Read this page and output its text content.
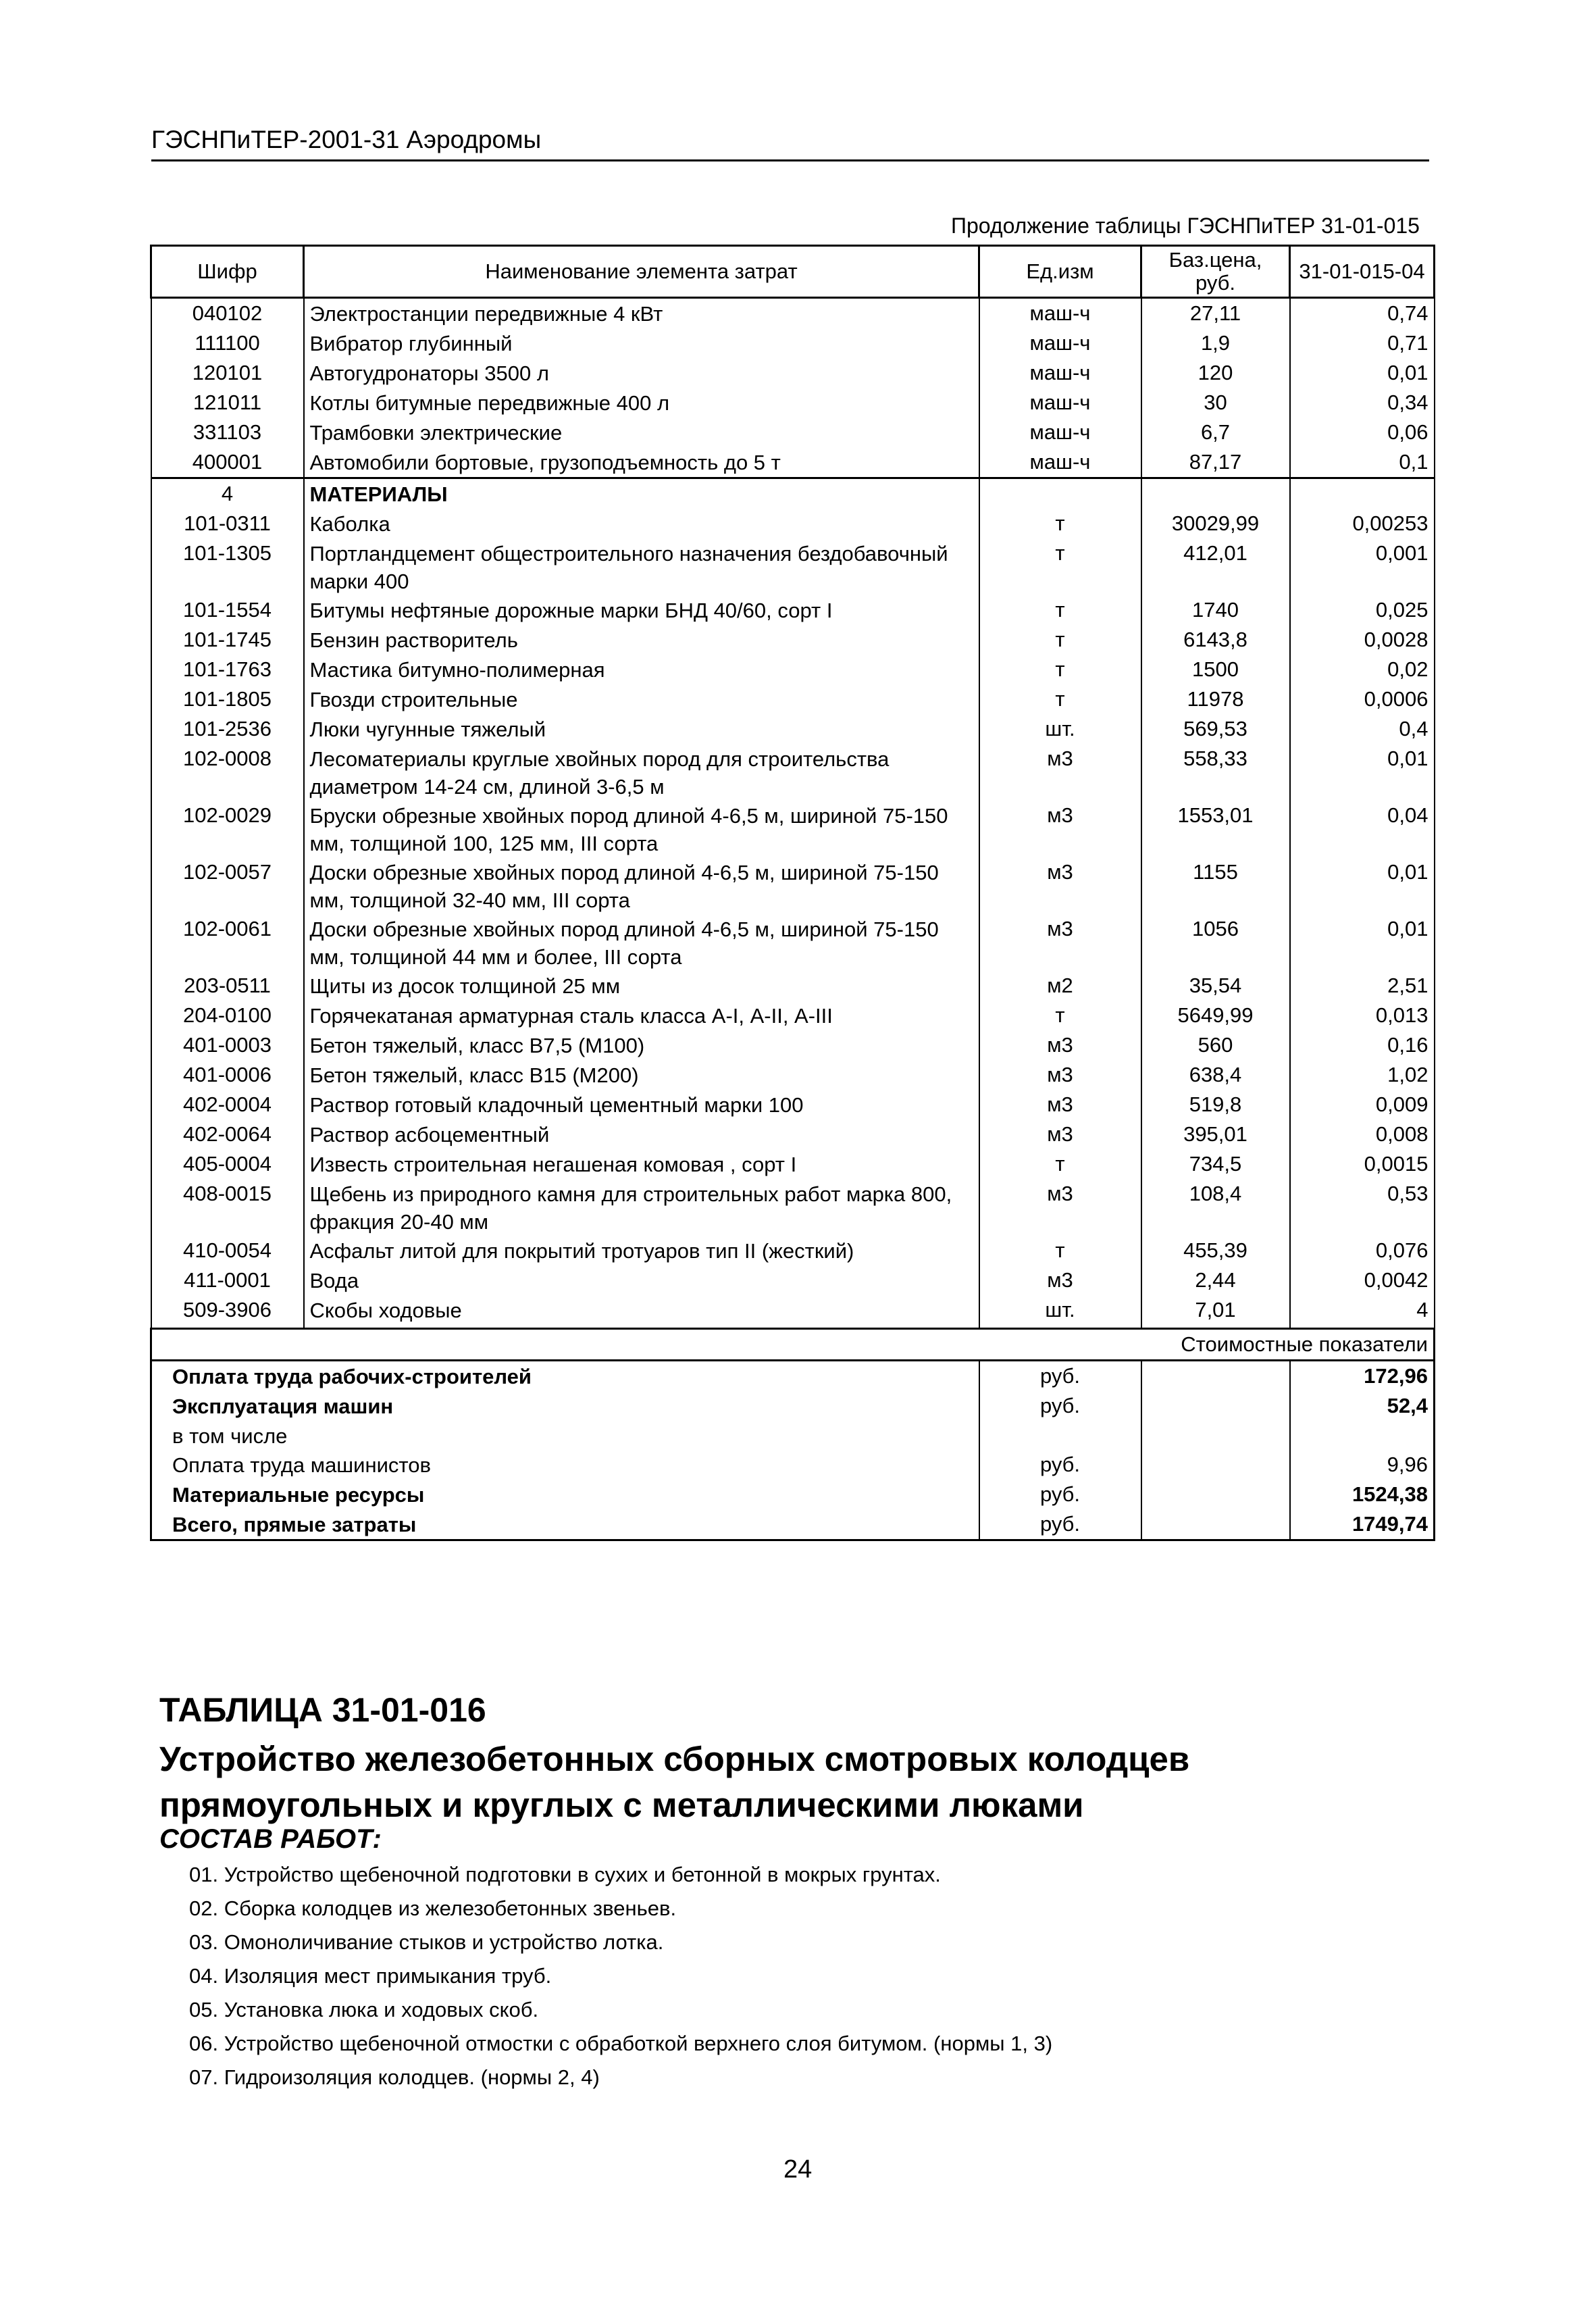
ГЭСНПиТЕР-2001-31 Аэродромы
Продолжение таблицы ГЭСНПиТЕР 31-01-015
Шифр	Наименование элемента затрат	Ед.изм	Баз.цена, руб.	31-01-015-04
040102	Электростанции передвижные 4 кВт	маш-ч	27,11	0,74
111100	Вибратор глубинный	маш-ч	1,9	0,71
120101	Автогудронаторы 3500 л	маш-ч	120	0,01
121011	Котлы битумные передвижные 400 л	маш-ч	30	0,34
331103	Трамбовки электрические	маш-ч	6,7	0,06
400001	Автомобили бортовые, грузоподъемность до 5 т	маш-ч	87,17	0,1
4	МАТЕРИАЛЫ			
101-0311	Каболка	т	30029,99	0,00253
101-1305	Портландцемент общестроительного назначения бездобавочный марки 400	т	412,01	0,001
101-1554	Битумы нефтяные дорожные марки БНД 40/60, сорт I	т	1740	0,025
101-1745	Бензин растворитель	т	6143,8	0,0028
101-1763	Мастика битумно-полимерная	т	1500	0,02
101-1805	Гвозди строительные	т	11978	0,0006
101-2536	Люки чугунные тяжелый	шт.	569,53	0,4
102-0008	Лесоматериалы круглые хвойных пород для строительства диаметром 14-24 см, длиной 3-6,5 м	м3	558,33	0,01
102-0029	Бруски обрезные хвойных пород длиной 4-6,5 м, шириной 75-150 мм, толщиной 100, 125 мм, III сорта	м3	1553,01	0,04
102-0057	Доски обрезные хвойных пород длиной 4-6,5 м, шириной 75-150 мм, толщиной 32-40 мм, III сорта	м3	1155	0,01
102-0061	Доски обрезные хвойных пород длиной 4-6,5 м, шириной 75-150 мм, толщиной 44 мм и более, III сорта	м3	1056	0,01
203-0511	Щиты из досок толщиной 25 мм	м2	35,54	2,51
204-0100	Горячекатаная арматурная сталь класса А-I, А-II, А-III	т	5649,99	0,013
401-0003	Бетон тяжелый, класс В7,5 (М100)	м3	560	0,16
401-0006	Бетон тяжелый, класс В15 (М200)	м3	638,4	1,02
402-0004	Раствор готовый кладочный цементный марки 100	м3	519,8	0,009
402-0064	Раствор асбоцементный	м3	395,01	0,008
405-0004	Известь строительная негашеная комовая , сорт I	т	734,5	0,0015
408-0015	Щебень из природного камня для строительных работ марка 800, фракция 20-40 мм	м3	108,4	0,53
410-0054	Асфальт литой для покрытий тротуаров тип II (жесткий)	т	455,39	0,076
411-0001	Вода	м3	2,44	0,0042
509-3906	Скобы ходовые	шт.	7,01	4
Стоимостные показатели				
Оплата труда рабочих-строителей		руб.		172,96
Эксплуатация машин		руб.		52,4
в том числе				
Оплата труда машинистов		руб.		9,96
Материальные ресурсы		руб.		1524,38
Всего, прямые затраты		руб.		1749,74
ТАБЛИЦА 31-01-016
Устройство железобетонных сборных смотровых колодцев прямоугольных и круглых с металлическими люками
СОСТАВ РАБОТ:
01. Устройство щебеночной подготовки в сухих и бетонной в мокрых грунтах.
02. Сборка колодцев из железобетонных звеньев.
03. Омоноличивание стыков и устройство лотка.
04. Изоляция мест примыкания труб.
05. Установка люка и ходовых скоб.
06. Устройство щебеночной отмостки с обработкой верхнего слоя битумом. (нормы 1, 3)
07. Гидроизоляция колодцев. (нормы 2, 4)
24
